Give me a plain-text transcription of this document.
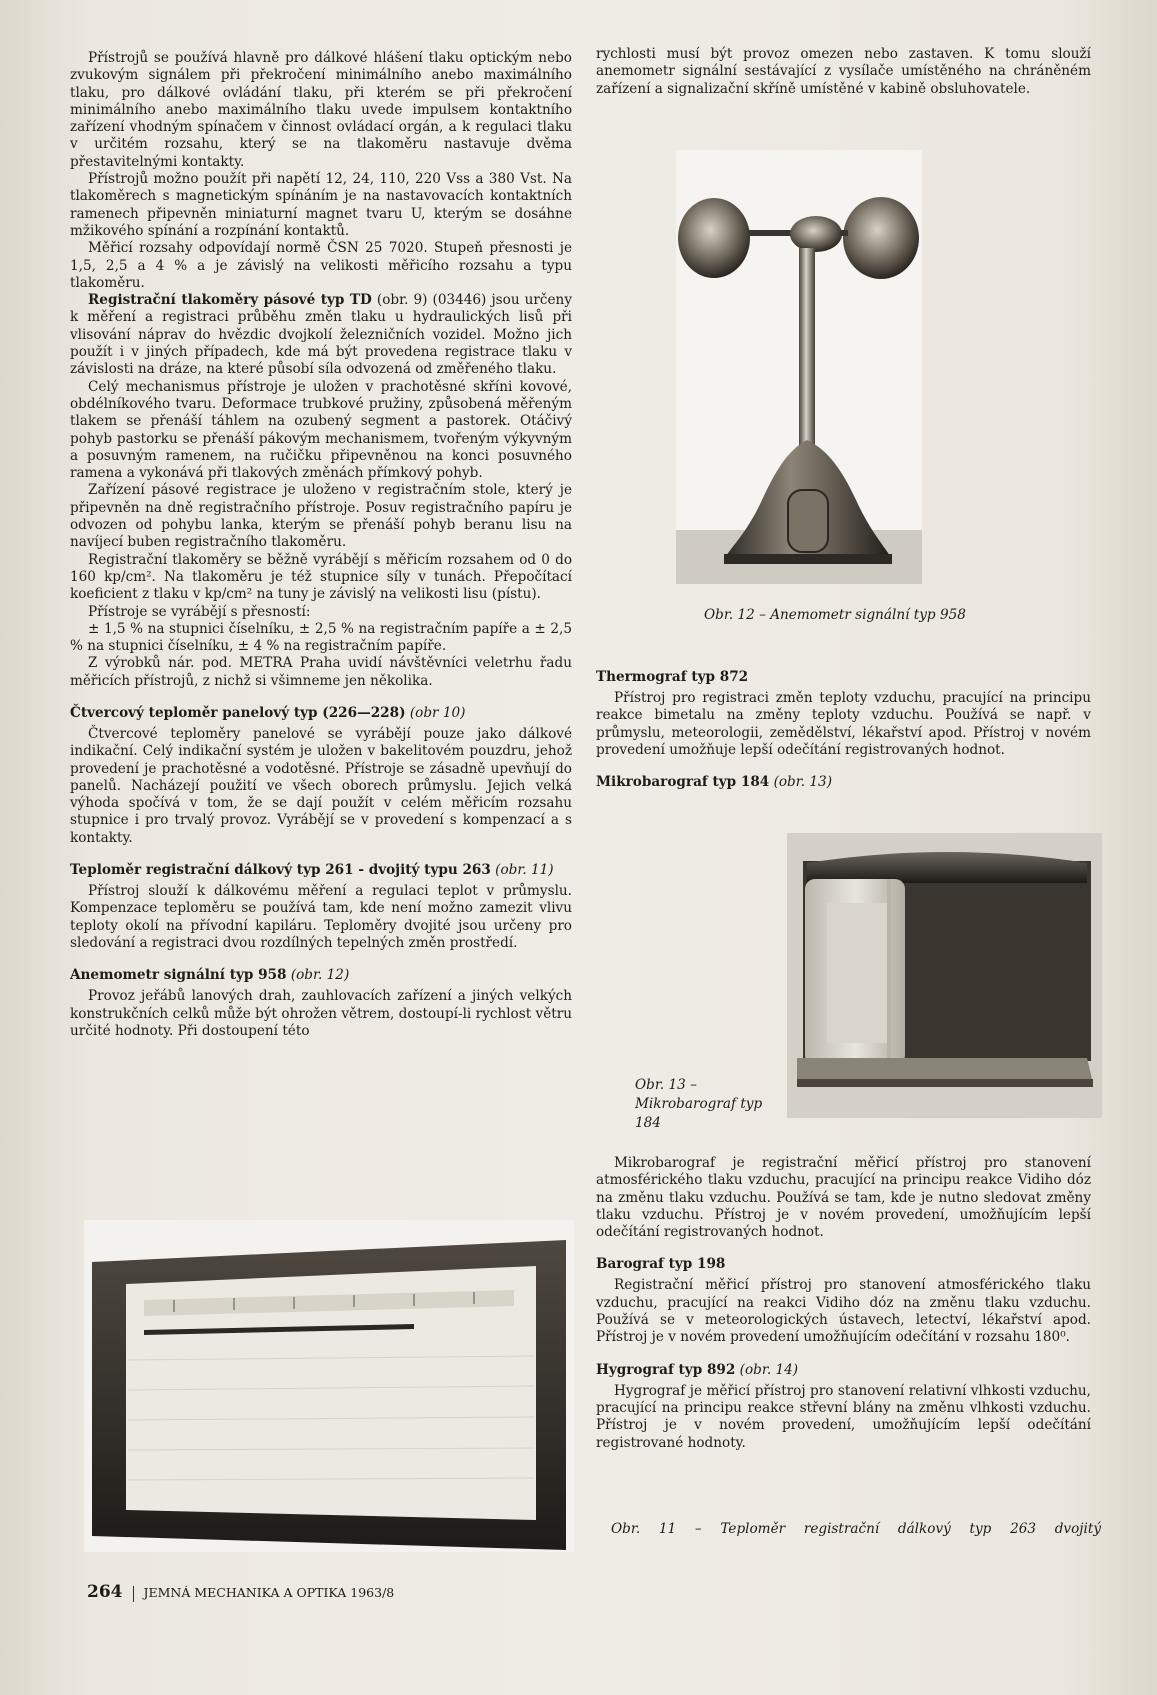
Přístrojů se používá hlavně pro dálkové hlášení tlaku optickým nebo zvukovým signálem při překročení minimálního anebo maximálního tlaku, pro dálkové ovládání tlaku, při kterém se při překročení minimálního anebo maximálního tlaku uvede impulsem kontaktního zařízení vhodným spínačem v činnost ovládací orgán, a k regulaci tlaku v určitém rozsahu, který se na tlakoměru nastavuje dvěma přestavitelnými kontakty.

Přístrojů možno použít při napětí 12, 24, 110, 220 Vss a 380 Vst. Na tlakoměrech s magnetickým spínáním je na nastavovacích kontaktních ramenech připevněn miniaturní magnet tvaru U, kterým se dosáhne mžikového spínání a rozpínání kontaktů.

Měřicí rozsahy odpovídají normě ČSN 25 7020. Stupeň přesnosti je 1,5, 2,5 a 4 % a je závislý na velikosti měřicího rozsahu a typu tlakoměru.

Registrační tlakoměry pásové typ TD (obr. 9) (03446) jsou určeny k měření a registraci průběhu změn tlaku u hydraulických lisů při vlisování náprav do hvězdic dvojkolí železničních vozidel. Možno jich použít i v jiných případech, kde má být provedena registrace tlaku v závislosti na dráze, na které působí síla odvozená od změřeného tlaku.

Celý mechanismus přístroje je uložen v prachotěsné skříni kovové, obdélníkového tvaru. Deformace trubkové pružiny, způsobená měřeným tlakem se přenáší táhlem na ozubený segment a pastorek. Otáčivý pohyb pastorku se přenáší pákovým mechanismem, tvořeným výkyvným a posuvným ramenem, na ručičku připevněnou na konci posuvného ramena a vykonává při tlakových změnách přímkový pohyb.

Zařízení pásové registrace je uloženo v registračním stole, který je připevněn na dně registračního přístroje. Posuv registračního papíru je odvozen od pohybu lanka, kterým se přenáší pohyb beranu lisu na navíjecí buben registračního tlakoměru.

Registrační tlakoměry se běžně vyrábějí s měřicím rozsahem od 0 do 160 kp/cm². Na tlakoměru je též stupnice síly v tunách. Přepočítací koeficient z tlaku v kp/cm² na tuny je závislý na velikosti lisu (pístu).

Přístroje se vyrábějí s přesností:

± 1,5 % na stupnici číselníku, ± 2,5 % na registračním papíře a ± 2,5 % na stupnici číselníku, ± 4 % na registračním papíře.

Z výrobků nár. pod. METRA Praha uvidí návštěvníci veletrhu řadu měřicích přístrojů, z nichž si všimneme jen několika.

Čtvercový teploměr panelový typ (226—228) (obr 10)

Čtvercové teploměry panelové se vyrábějí pouze jako dálkové indikační. Celý indikační systém je uložen v bakelitovém pouzdru, jehož provedení je prachotěsné a vodotěsné. Přístroje se zásadně upevňují do panelů. Nacházejí použití ve všech oborech průmyslu. Jejich velká výhoda spočívá v tom, že se dají použít v celém měřicím rozsahu stupnice i pro trvalý provoz. Vyrábějí se v provedení s kompenzací a s kontakty.

Teploměr registrační dálkový typ 261 - dvojitý typu 263 (obr. 11)

Přístroj slouží k dálkovému měření a regulaci teplot v průmyslu. Kompenzace teploměru se používá tam, kde není možno zamezit vlivu teploty okolí na přívodní kapiláru. Teploměry dvojité jsou určeny pro sledování a registraci dvou rozdílných tepelných změn prostředí.

Anemometr signální typ 958 (obr. 12)

Provoz jeřábů lanových drah, zauhlovacích zařízení a jiných velkých konstrukčních celků může být ohrožen větrem, dostoupí-li rychlost větru určité hodnoty. Při dostoupení této

rychlosti musí být provoz omezen nebo zastaven. K tomu slouží anemometr signální sestávající z vysílače umístěného na chráněném zařízení a signalizační skříně umístěné v kabině obsluhovatele.

Obr. 12 – Anemometr signální typ 958
Thermograf typ 872

Přístroj pro registraci změn teploty vzduchu, pracující na principu reakce bimetalu na změny teploty vzduchu. Používá se např. v průmyslu, meteorologii, zemědělství, lékařství apod. Přístroj v novém provedení umožňuje lepší odečítání registrovaných hodnot.

Mikrobarograf typ 184 (obr. 13)
Obr. 13 – Mikrobarograf typ 184

Mikrobarograf je registrační měřicí přístroj pro stanovení atmosférického tlaku vzduchu, pracující na principu reakce Vidiho dóz na změnu tlaku vzduchu. Používá se tam, kde je nutno sledovat změny tlaku vzduchu. Přístroj je v novém provedení, umožňujícím lepší odečítání registrovaných hodnot.

Barograf typ 198

Registrační měřicí přístroj pro stanovení atmosférického tlaku vzduchu, pracující na reakci Vidiho dóz na změnu tlaku vzduchu. Používá se v meteorologických ústavech, letectví, lékařství apod. Přístroj je v novém provedení umožňujícím odečítání v rozsahu 180⁰.

Hygrograf typ 892 (obr. 14)

Hygrograf je měřicí přístroj pro stanovení relativní vlhkosti vzduchu, pracující na principu reakce střevní blány na změnu vlhkosti vzduchu. Přístroj je v novém provedení, umožňujícím lepší odečítání registrované hodnoty.

Obr. 11 – Teploměr registrační dálkový typ 263 dvojitý
264 JEMNÁ MECHANIKA A OPTIKA 1963/8
